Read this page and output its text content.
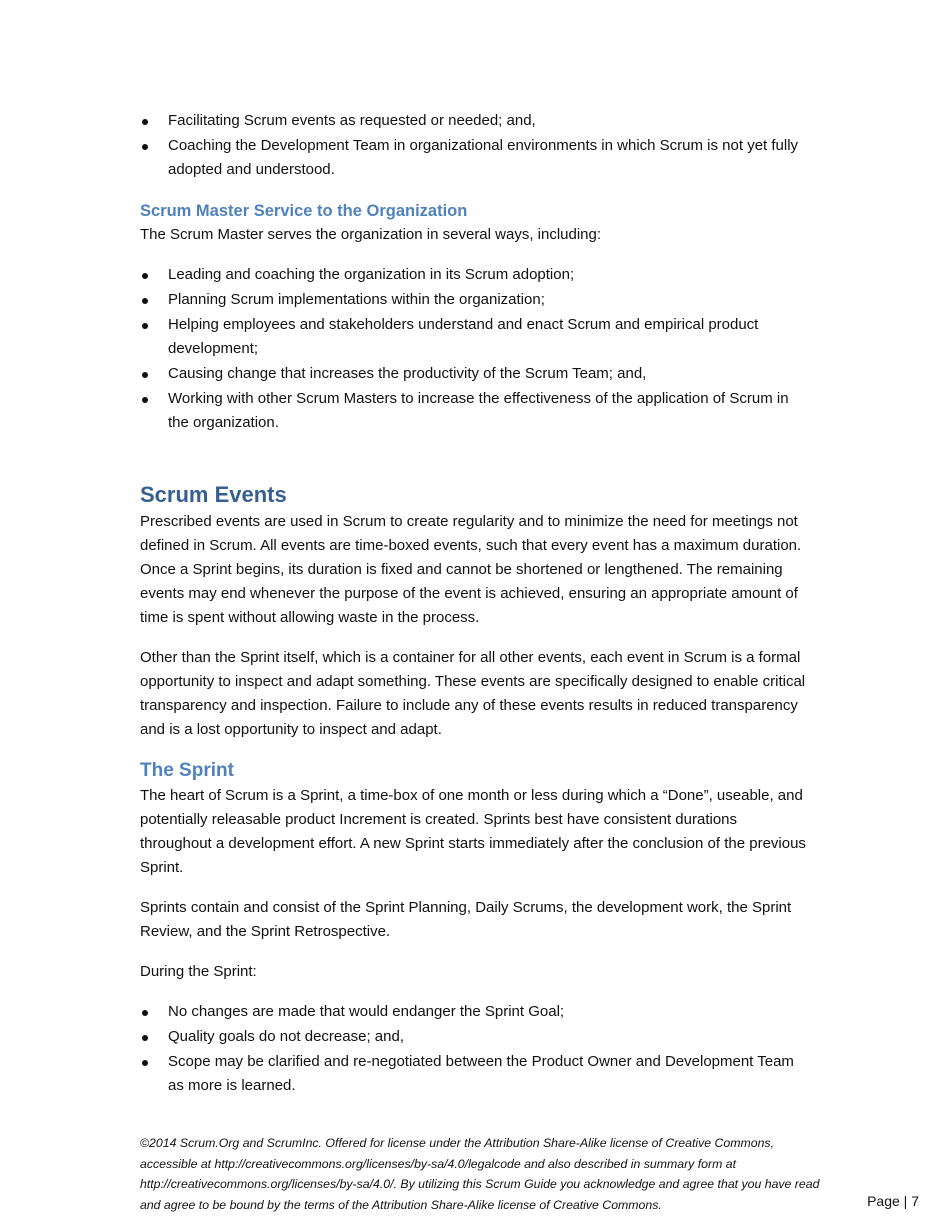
Facilitating Scrum events as requested or needed; and,
Coaching the Development Team in organizational environments in which Scrum is not yet fully adopted and understood.
Scrum Master Service to the Organization

The Scrum Master serves the organization in several ways, including:

Leading and coaching the organization in its Scrum adoption;
Planning Scrum implementations within the organization;
Helping employees and stakeholders understand and enact Scrum and empirical product development;
Causing change that increases the productivity of the Scrum Team; and,
Working with other Scrum Masters to increase the effectiveness of the application of Scrum in the organization.
Scrum Events

Prescribed events are used in Scrum to create regularity and to minimize the need for meetings not defined in Scrum. All events are time-boxed events, such that every event has a maximum duration. Once a Sprint begins, its duration is fixed and cannot be shortened or lengthened. The remaining events may end whenever the purpose of the event is achieved, ensuring an appropriate amount of time is spent without allowing waste in the process.

Other than the Sprint itself, which is a container for all other events, each event in Scrum is a formal opportunity to inspect and adapt something. These events are specifically designed to enable critical transparency and inspection. Failure to include any of these events results in reduced transparency and is a lost opportunity to inspect and adapt.

The Sprint

The heart of Scrum is a Sprint, a time-box of one month or less during which a “Done”, useable, and potentially releasable product Increment is created. Sprints best have consistent durations throughout a development effort. A new Sprint starts immediately after the conclusion of the previous Sprint.

Sprints contain and consist of the Sprint Planning, Daily Scrums, the development work, the Sprint Review, and the Sprint Retrospective.

During the Sprint:

No changes are made that would endanger the Sprint Goal;
Quality goals do not decrease; and,
Scope may be clarified and re-negotiated between the Product Owner and Development Team as more is learned.
©2014 Scrum.Org and ScrumInc. Offered for license under the Attribution Share-Alike license of Creative Commons, accessible at http://creativecommons.org/licenses/by-sa/4.0/legalcode and also described in summary form at http://creativecommons.org/licenses/by-sa/4.0/. By utilizing this Scrum Guide you acknowledge and agree that you have read and agree to be bound by the terms of the Attribution Share-Alike license of Creative Commons.	Page | 7
